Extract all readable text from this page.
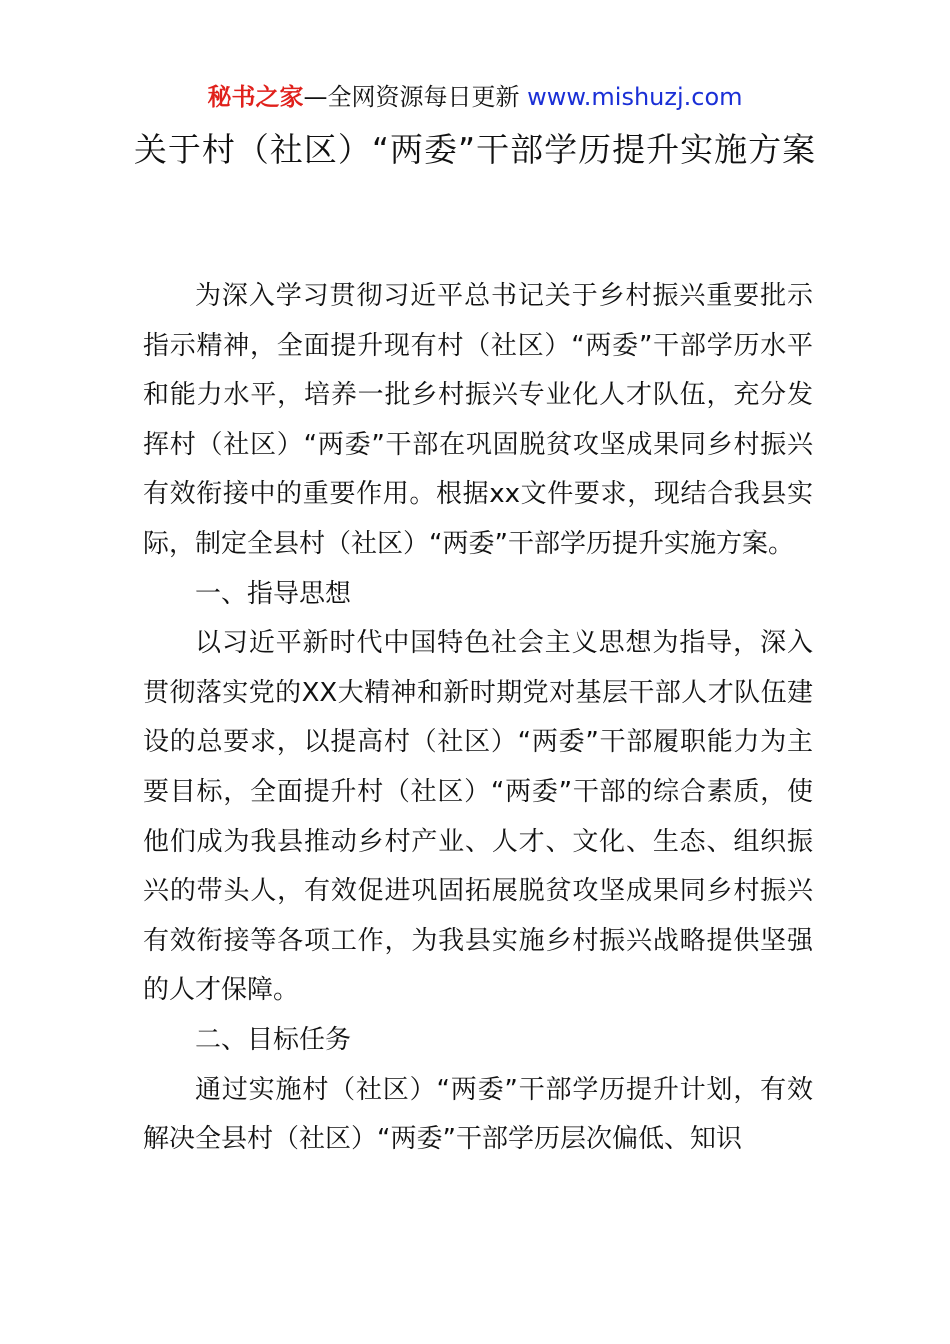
秘书之家—全网资源每日更新 www.mishuzj.com
关于村（社区）“两委”干部学历提升实施方案

为深入学习贯彻习近平总书记关于乡村振兴重要批示指示精神，全面提升现有村（社区）“两委”干部学历水平和能力水平，培养一批乡村振兴专业化人才队伍，充分发挥村（社区）“两委”干部在巩固脱贫攻坚成果同乡村振兴有效衔接中的重要作用。根据xx文件要求，现结合我县实际，制定全县村（社区）“两委”干部学历提升实施方案。

一、指导思想

以习近平新时代中国特色社会主义思想为指导，深入贯彻落实党的XX大精神和新时期党对基层干部人才队伍建设的总要求，以提高村（社区）“两委”干部履职能力为主要目标，全面提升村（社区）“两委”干部的综合素质，使他们成为我县推动乡村产业、人才、文化、生态、组织振兴的带头人，有效促进巩固拓展脱贫攻坚成果同乡村振兴有效衔接等各项工作，为我县实施乡村振兴战略提供坚强的人才保障。

二、目标任务

通过实施村（社区）“两委”干部学历提升计划，有效解决全县村（社区）“两委”干部学历层次偏低、知识
